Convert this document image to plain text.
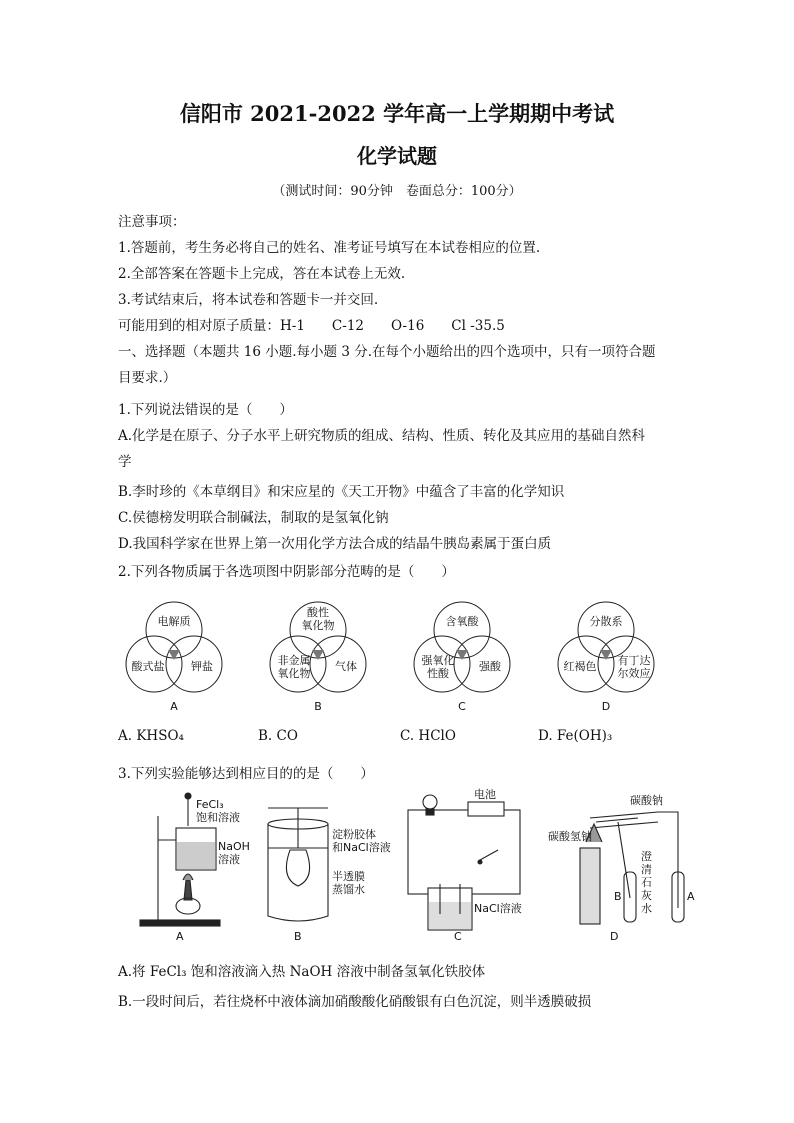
信阳市 2021-2022 学年高一上学期期中考试
化学试题
（测试时间：90分钟　卷面总分：100分）
注意事项：
1.答题前，考生务必将自己的姓名、准考证号填写在本试卷相应的位置.
2.全部答案在答题卡上完成，答在本试卷上无效.
3.考试结束后，将本试卷和答题卡一并交回.
可能用到的相对原子质量：H-1　　C-12　　O-16　　Cl -35.5
一、选择题（本题共 16 小题.每小题 3 分.在每个小题给出的四个选项中，只有一项符合题
目要求.）
1.下列说法错误的是（　　）
A.化学是在原子、分子水平上研究物质的组成、结构、性质、转化及其应用的基础自然科
学
B.李时珍的《本草纲目》和宋应星的《天工开物》中蕴含了丰富的化学知识
C.侯德榜发明联合制碱法，制取的是氢氧化钠
D.我国科学家在世界上第一次用化学方法合成的结晶牛胰岛素属于蛋白质
2.下列各物质属于各选项图中阴影部分范畴的是（　　）
电解质
酸式盐 钾盐
A
酸性
氧化物
非金属
氧化物
气体
B
含氧酸
强氧化
性酸
强酸
C
分散系
红褐色 有丁达
尔效应
D
A. KHSO₄	B. CO	C. HClO	D. Fe(OH)₃
3.下列实验能够达到相应目的的是（　　）
FeCl₃
饱和溶液
NaOH
溶液
A
淀粉胶体
和NaCl溶液
半透膜
蒸馏水
B
电池
NaCl溶液
C
碳酸钠
碳酸氢钠
澄
清
石
灰
水
B	A
D
A.将 FeCl₃ 饱和溶液滴入热 NaOH 溶液中制备氢氧化铁胶体
B.一段时间后，若往烧杯中液体滴加硝酸酸化硝酸银有白色沉淀，则半透膜破损
